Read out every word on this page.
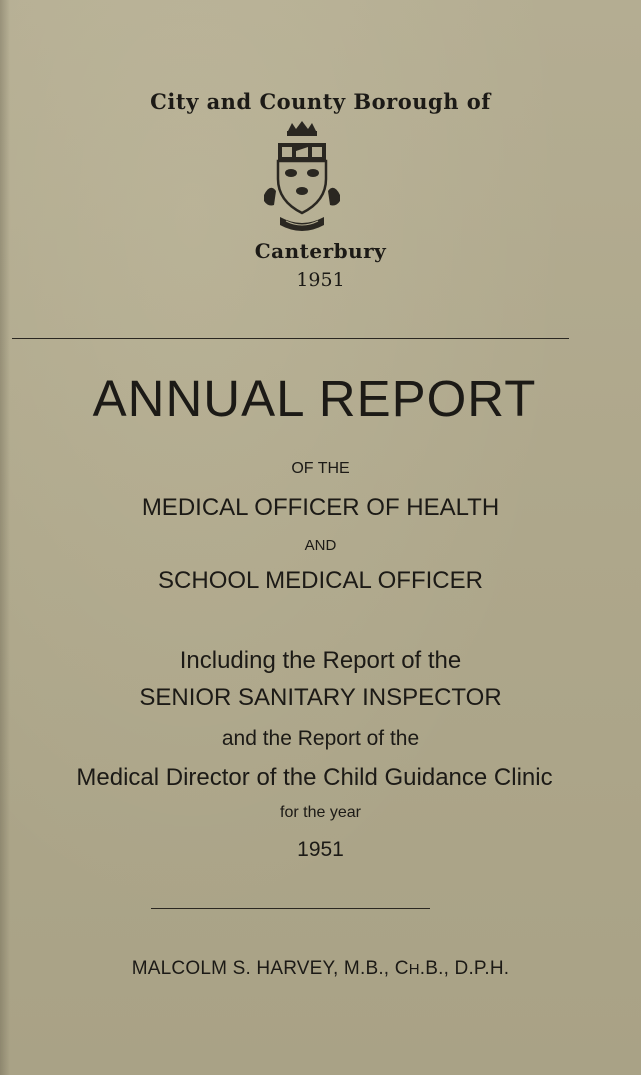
City and County Borough of
Canterbury
1951
ANNUAL REPORT
OF THE
MEDICAL OFFICER OF HEALTH
AND
SCHOOL MEDICAL OFFICER
Including the Report of the
SENIOR SANITARY INSPECTOR
and the Report of the
Medical Director of the Child Guidance Clinic
for the year
1951
MALCOLM S. HARVEY, M.B., CH.B., D.P.H.
